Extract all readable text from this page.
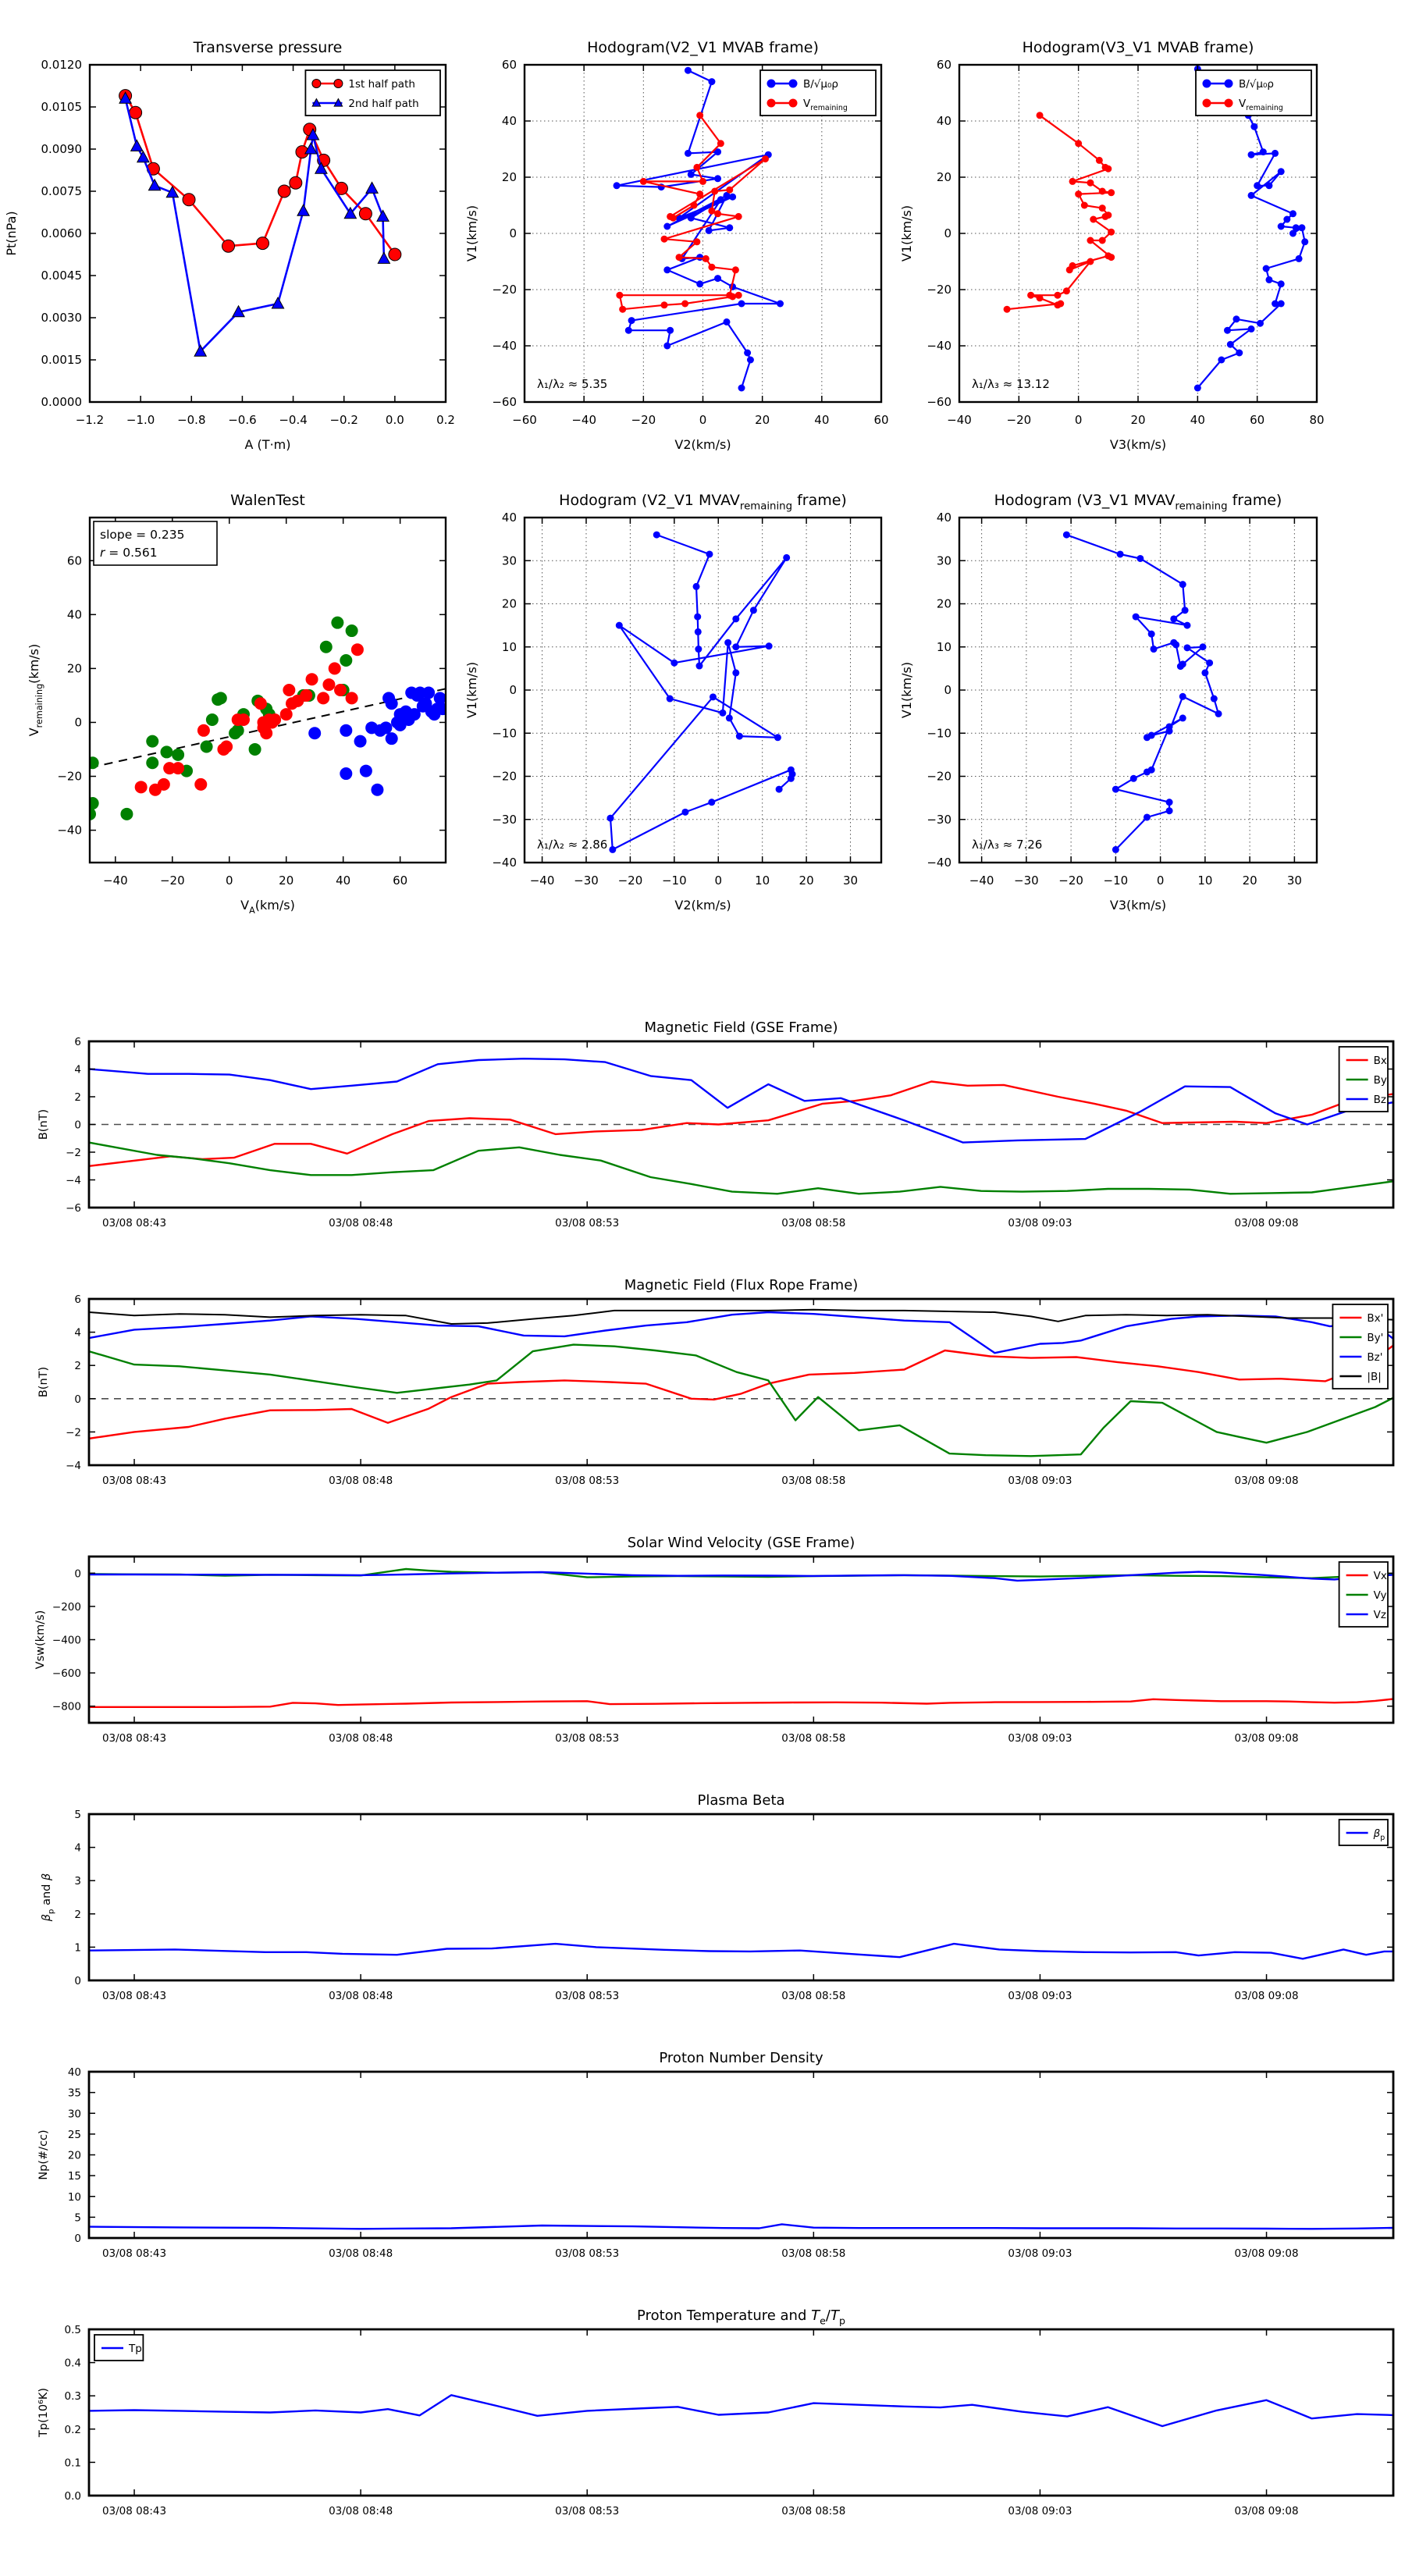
−1.2 −1.0 −0.8 −0.6 −0.4 −0.2 0.0	0.2
0.0000
0.0015
0.0030
0.0045
0.0060
0.0075
0.0090
0.0105
0.0120
Transverse pressure
A (T·m)
Pt(nPa)
1st half path
2nd half path
−60	−40	−20	0	20	40	60
−60
−40
−20
0
20
40
60
Hodogram(V2_V1 MVAB frame)
V2(km/s)
V1(km/s)
λ₁/λ₂ ≈ 5.35
B/√μ₀ρ
$V_{remaining}$
−40	−20	0	20	40	60	80
−60
−40
−20
0
20
40
60
Hodogram(V3_V1 MVAB frame)
V3(km/s)
V1(km/s)
λ₁/λ₃ ≈ 13.12
B/√μ₀ρ
$V_{remaining}$
−40	−20	0	20	40	60
−40
−20
0
20
40
60
WalenTest
$V_A(km/s)$
$V_{remaining}(km/s)$
slope = 0.235
r = 0.561
−40 −30 −20 −10 0	10 20 30
−40
−30
−20
−10
0
10
20
30
40
Hodogram (V2_V1 $MVAV_{remaining}$ frame)
V2(km/s)
V1(km/s)
λ₁/λ₂ ≈ 2.86
−40 −30 −20 −10 0	10	20	30
−40
−30
−20
−10
0
10
20
30
40
Hodogram (V3_V1 $MVAV_{remaining}$ frame)
V3(km/s)
V1(km/s)
λ₁/λ₃ ≈ 7.26
03/08 08:43	03/08 08:48	03/08 08:53	03/08 08:58	03/08 09:03	03/08 09:08
−6
−4
−2
0
2
4
6
Magnetic Field (GSE Frame)
B(nT)
Bx
By
Bz
03/08 08:43	03/08 08:48	03/08 08:53	03/08 08:58	03/08 09:03	03/08 09:08
−4
−2
0
2
4
6
Magnetic Field (Flux Rope Frame)
B(nT)
Bx'
By'
Bz'
|B|
03/08 08:43	03/08 08:48	03/08 08:53	03/08 08:58	03/08 09:03	03/08 09:08
0
−200
−400
−600
−800
Solar Wind Velocity (GSE Frame)
Vsw(km/s)
Vx
Vy
Vz
03/08 08:43	03/08 08:48	03/08 08:53	03/08 08:58	03/08 09:03	03/08 09:08
0
1
2
3
4
5
Plasma Beta
$\beta_p$ and β
$\beta_p$
03/08 08:43	03/08 08:48	03/08 08:53	03/08 08:58	03/08 09:03	03/08 09:08
0
5
10
15
20
25
30
35
40
Proton Number Density
Np(#/cc)
03/08 08:43	03/08 08:48	03/08 08:53	03/08 08:58	03/08 09:03	03/08 09:08
0.0
0.1
0.2
0.3
0.4
0.5
Proton Temperature and $T_e/T_p$
Tp(10⁶K)
Tp
